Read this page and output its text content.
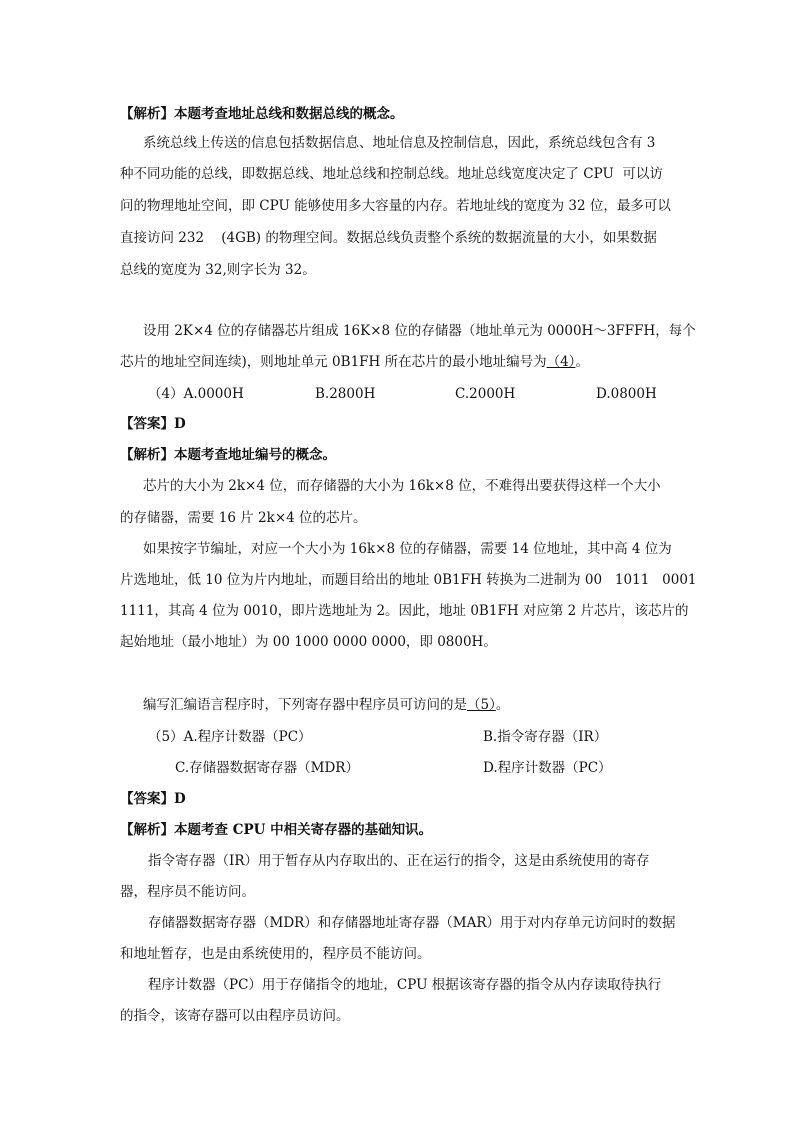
【解析】本题考查地址总线和数据总线的概念。
系统总线上传送的信息包括数据信息、地址信息及控制信息，因此，系统总线包含有 3
种不同功能的总线，即数据总线、地址总线和控制总线。地址总线宽度决定了 CPU  可以访
问的物理地址空间，即 CPU 能够使用多大容量的内存。若地址线的宽度为 32 位，最多可以
直接访问 232    (4GB) 的物理空间。数据总线负责整个系统的数据流量的大小，如果数据
总线的宽度为 32,则字长为 32。
设用 2K×4 位的存储器芯片组成 16K×8 位的存储器（地址单元为 0000H～3FFFH，每个
芯片的地址空间连续)，则地址单元 0B1FH 所在芯片的最小地址编号为（4）。
（4）A.0000H	B.2800H	C.2000H	D.0800H
【答案】D
【解析】本题考查地址编号的概念。
芯片的大小为 2k×4 位，而存储器的大小为 16k×8 位，不难得出要获得这样一个大小
的存储器，需要 16 片 2k×4 位的芯片。
如果按字节编址，对应一个大小为 16k×8 位的存储器，需要 14 位地址，其中高 4 位为
片选地址，低 10 位为片内地址，而题目给出的地址 0B1FH 转换为二进制为 00   1011   0001
1111，其高 4 位为 0010，即片选地址为 2。因此，地址 0B1FH 对应第 2 片芯片，该芯片的
起始地址（最小地址）为 00 1000 0000 0000，即 0800H。
编写汇编语言程序时，下列寄存器中程序员可访问的是（5）。
（5）A.程序计数器（PC）	B.指令寄存器（IR）
C.存储器数据寄存器（MDR）	D.程序计数器（PC）
【答案】D
【解析】本题考查 CPU 中相关寄存器的基础知识。
指令寄存器（IR）用于暂存从内存取出的、正在运行的指令，这是由系统使用的寄存
器，程序员不能访问。
存储器数据寄存器（MDR）和存储器地址寄存器（MAR）用于对内存单元访问时的数据
和地址暂存，也是由系统使用的，程序员不能访问。
程序计数器（PC）用于存储指令的地址，CPU 根据该寄存器的指令从内存读取待执行
的指令，该寄存器可以由程序员访问。
